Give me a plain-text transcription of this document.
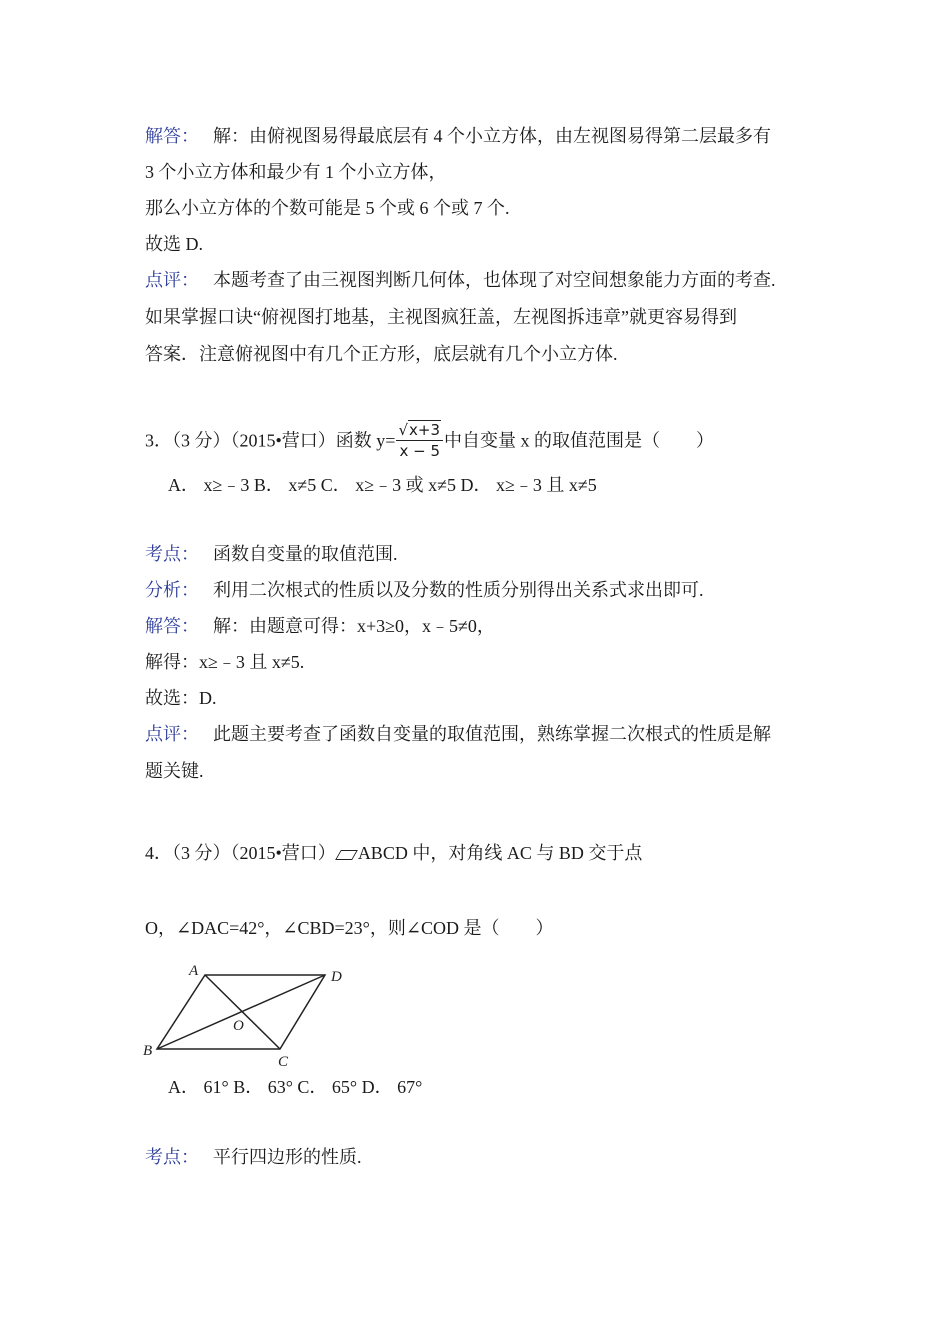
解答： 解：由俯视图易得最底层有 4 个小立方体，由左视图易得第二层最多有
3 个小立方体和最少有 1 个小立方体，
那么小立方体的个数可能是 5 个或 6 个或 7 个.
故选 D.
点评： 本题考查了由三视图判断几何体，也体现了对空间想象能力方面的考查.
如果掌握口诀“俯视图打地基，主视图疯狂盖，左视图拆违章”就更容易得到
答案．注意俯视图中有几个正方形，底层就有几个小立方体.
3．（3 分）（2015•营口）函数 $y= \frac{√x+3}{x - 5}$ 中自变量 x 的取值范围是（　　）
A． x≥﹣3 B． x≠5 C． x≥﹣3 或 x≠5 D． x≥﹣3 且 x≠5
考点： 函数自变量的取值范围.
分析： 利用二次根式的性质以及分数的性质分别得出关系式求出即可.
解答： 解：由题意可得：x+3≥0，x﹣5≠0，
解得：x≥﹣3 且 x≠5.
故选：D.
点评： 此题主要考查了函数自变量的取值范围，熟练掌握二次根式的性质是解
题关键.
4．（3 分）（2015•营口） ABCD 中，对角线 AC 与 BD 交于点
O，∠DAC=42°，∠CBD=23°，则∠COD 是（　　）
A	D
B
C
O
A． 61° B． 63° C． 65° D． 67°
考点： 平行四边形的性质.
